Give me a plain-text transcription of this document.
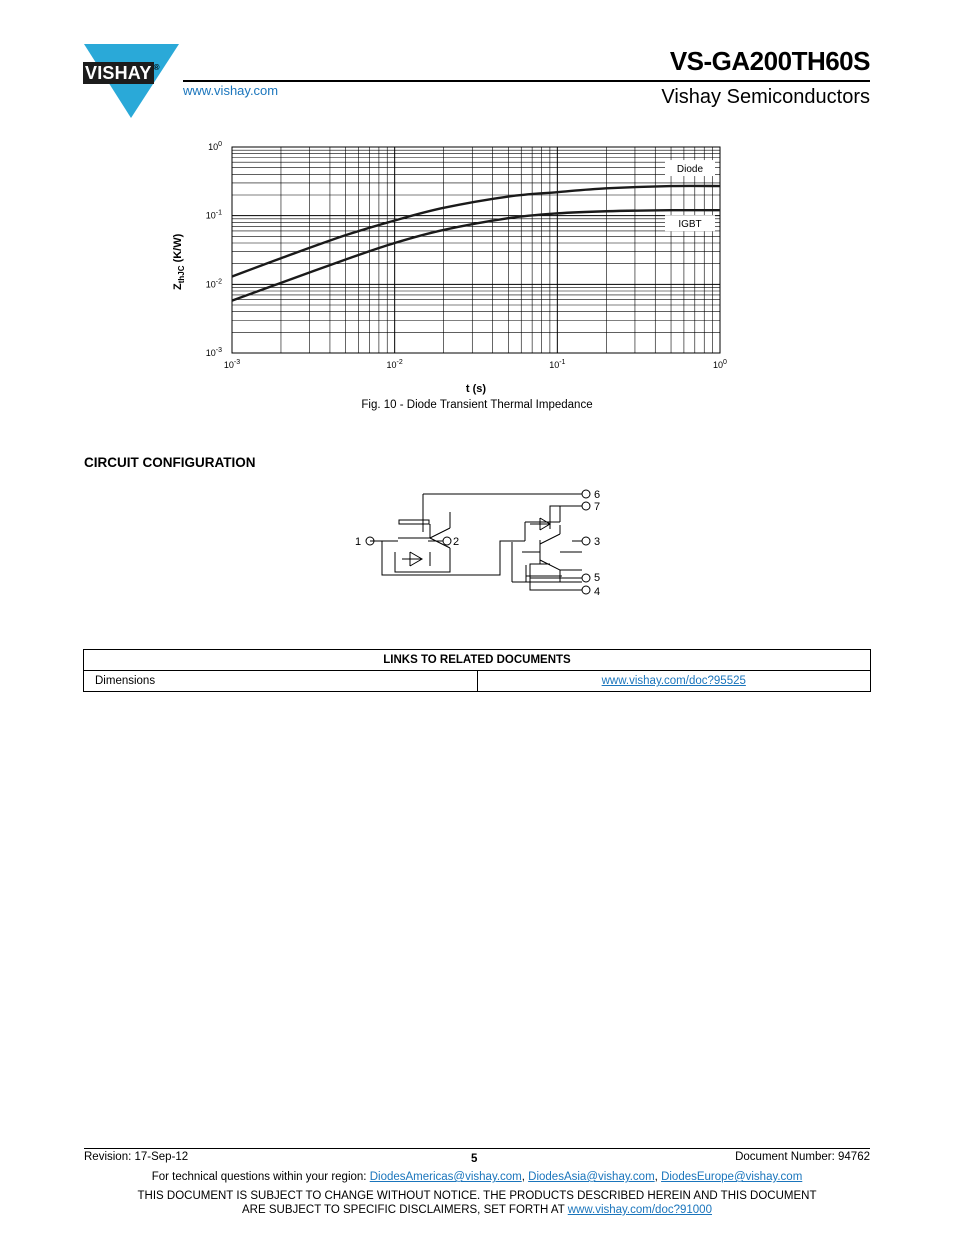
VISHAY ®
www.vishay.com
VS-GA200TH60S
Vishay Semiconductors
Diode
IGBT
$10^{-3}$	$10^{-2}$	$10^{-1}$	$10^0$
$10^0$
$10^{-1}$
$10^{-2}$
$10^{-3}$
t (s)
$Z_{thJC}$ (K/W)
Fig. 10 - Diode Transient Thermal Impedance
CIRCUIT CONFIGURATION
1	2	3
4
5
6
7
LINKS TO RELATED DOCUMENTS
Dimensions	www.vishay.com/doc?95525
Revision: 17-Sep-12	5	Document Number: 94762
For technical questions within your region: DiodesAmericas@vishay.com, DiodesAsia@vishay.com, DiodesEurope@vishay.com
THIS DOCUMENT IS SUBJECT TO CHANGE WITHOUT NOTICE. THE PRODUCTS DESCRIBED HEREIN AND THIS DOCUMENT
ARE SUBJECT TO SPECIFIC DISCLAIMERS, SET FORTH AT www.vishay.com/doc?91000
